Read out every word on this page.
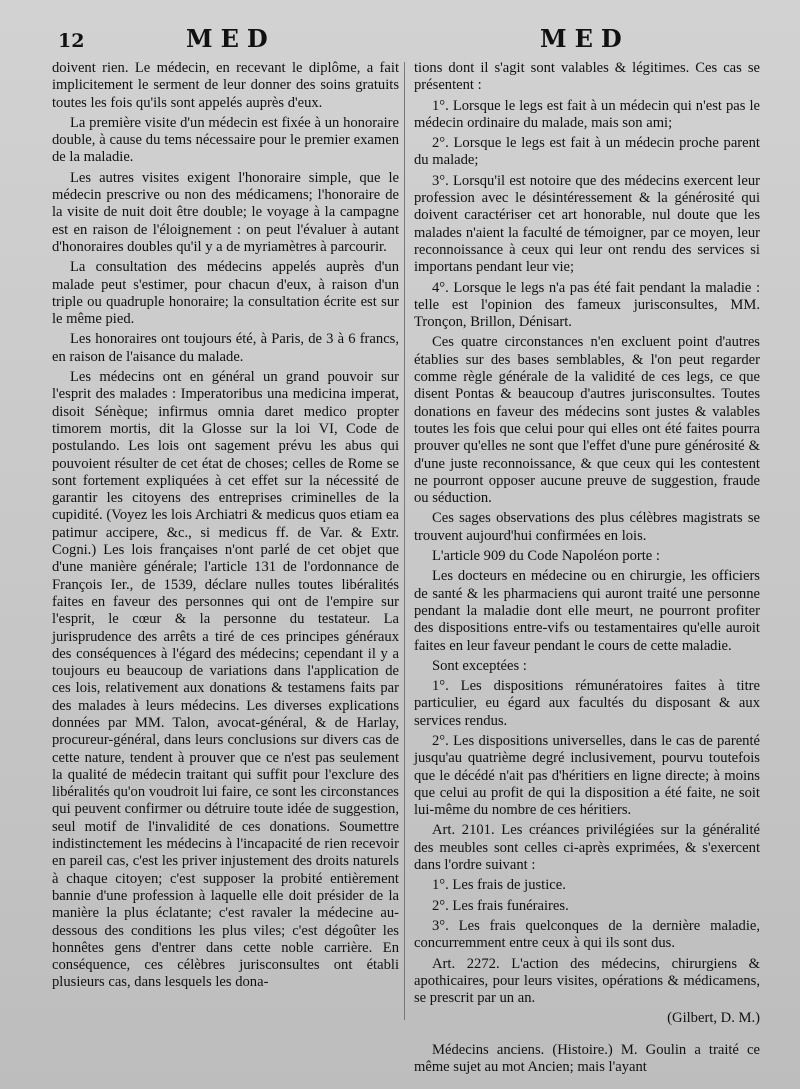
12	MED	MED

doivent rien. Le médecin, en recevant le diplôme, a fait implicitement le serment de leur donner des soins gratuits toutes les fois qu'ils sont appelés auprès d'eux.

La première visite d'un médecin est fixée à un honoraire double, à cause du tems nécessaire pour le premier examen de la maladie.

Les autres visites exigent l'honoraire simple, que le médecin prescrive ou non des médicamens; l'honoraire de la visite de nuit doit être double; le voyage à la campagne est en raison de l'éloignement : on peut l'évaluer à autant d'honoraires doubles qu'il y a de myriamètres à parcourir.

La consultation des médecins appelés auprès d'un malade peut s'estimer, pour chacun d'eux, à raison d'un triple ou quadruple honoraire; la consultation écrite est sur le même pied.

Les honoraires ont toujours été, à Paris, de 3 à 6 francs, en raison de l'aisance du malade.

Les médecins ont en général un grand pouvoir sur l'esprit des malades : Imperatoribus una medicina imperat, disoit Sénèque; infirmus omnia daret medico propter timorem mortis, dit la Glosse sur la loi VI, Code de postulando. Les lois ont sagement prévu les abus qui pouvoient résulter de cet état de choses; celles de Rome se sont fortement expliquées à cet effet sur la nécessité de garantir les citoyens des entreprises criminelles de la cupidité. (Voyez les lois Archiatri & medicus quos etiam ea patimur accipere, &c., si medicus ff. de Var. & Extr. Cogni.) Les lois françaises n'ont parlé de cet objet que d'une manière générale; l'article 131 de l'ordonnance de François Ier., de 1539, déclare nulles toutes libéralités faites en faveur des personnes qui ont de l'empire sur l'esprit, le cœur & la personne du testateur. La jurisprudence des arrêts a tiré de ces principes généraux des conséquences à l'égard des médecins; cependant il y a toujours eu beaucoup de variations dans l'application de ces lois, relativement aux donations & testamens faits par des malades à leurs médecins. Les diverses explications données par MM. Talon, avocat-général, & de Harlay, procureur-général, dans leurs conclusions sur divers cas de cette nature, tendent à prouver que ce n'est pas seulement la qualité de médecin traitant qui suffit pour l'exclure des libéralités qu'on voudroit lui faire, ce sont les circonstances qui peuvent confirmer ou détruire toute idée de suggestion, seul motif de l'invalidité de ces donations. Soumettre indistinctement les médecins à l'incapacité de rien recevoir en pareil cas, c'est les priver injustement des droits naturels à chaque citoyen; c'est supposer la probité entièrement bannie d'une profession à laquelle elle doit présider de la manière la plus éclatante; c'est ravaler la médecine au-dessous des conditions les plus viles; c'est dégoûter les honnêtes gens d'entrer dans cette noble carrière. En conséquence, ces célèbres jurisconsultes ont établi plusieurs cas, dans lesquels les dona-

tions dont il s'agit sont valables & légitimes. Ces cas se présentent :

1°. Lorsque le legs est fait à un médecin qui n'est pas le médecin ordinaire du malade, mais son ami;

2°. Lorsque le legs est fait à un médecin proche parent du malade;

3°. Lorsqu'il est notoire que des médecins exercent leur profession avec le désintéressement & la générosité qui doivent caractériser cet art honorable, nul doute que les malades n'aient la faculté de témoigner, par ce moyen, leur reconnoissance à ceux qui leur ont rendu des services si importans pendant leur vie;

4°. Lorsque le legs n'a pas été fait pendant la maladie : telle est l'opinion des fameux jurisconsultes, MM. Tronçon, Brillon, Dénisart.

Ces quatre circonstances n'en excluent point d'autres établies sur des bases semblables, & l'on peut regarder comme règle générale de la validité de ces legs, ce que disent Pontas & beaucoup d'autres jurisconsultes. Toutes donations en faveur des médecins sont justes & valables toutes les fois que celui pour qui elles ont été faites pourra prouver qu'elles ne sont que l'effet d'une pure générosité & d'une juste reconnoissance, & que ceux qui les contestent ne pourront opposer aucune preuve de suggestion, fraude ou séduction.

Ces sages observations des plus célèbres magistrats se trouvent aujourd'hui confirmées en lois.

L'article 909 du Code Napoléon porte :

Les docteurs en médecine ou en chirurgie, les officiers de santé & les pharmaciens qui auront traité une personne pendant la maladie dont elle meurt, ne pourront profiter des dispositions entre-vifs ou testamentaires qu'elle auroit faites en leur faveur pendant le cours de cette maladie.

Sont exceptées :

1°. Les dispositions rémunératoires faites à titre particulier, eu égard aux facultés du disposant & aux services rendus.

2°. Les dispositions universelles, dans le cas de parenté jusqu'au quatrième degré inclusivement, pourvu toutefois que le décédé n'ait pas d'héritiers en ligne directe; à moins que celui au profit de qui la disposition a été faite, ne soit lui-même du nombre de ces héritiers.

Art. 2101. Les créances privilégiées sur la généralité des meubles sont celles ci-après exprimées, & s'exercent dans l'ordre suivant :

1°. Les frais de justice.

2°. Les frais funéraires.

3°. Les frais quelconques de la dernière maladie, concurremment entre ceux à qui ils sont dus.

Art. 2272. L'action des médecins, chirurgiens & apothicaires, pour leurs visites, opérations & médicamens, se prescrit par un an.

(Gilbert, D. M.)

Médecins anciens. (Histoire.) M. Goulin a traité ce même sujet au mot Ancien; mais l'ayant
